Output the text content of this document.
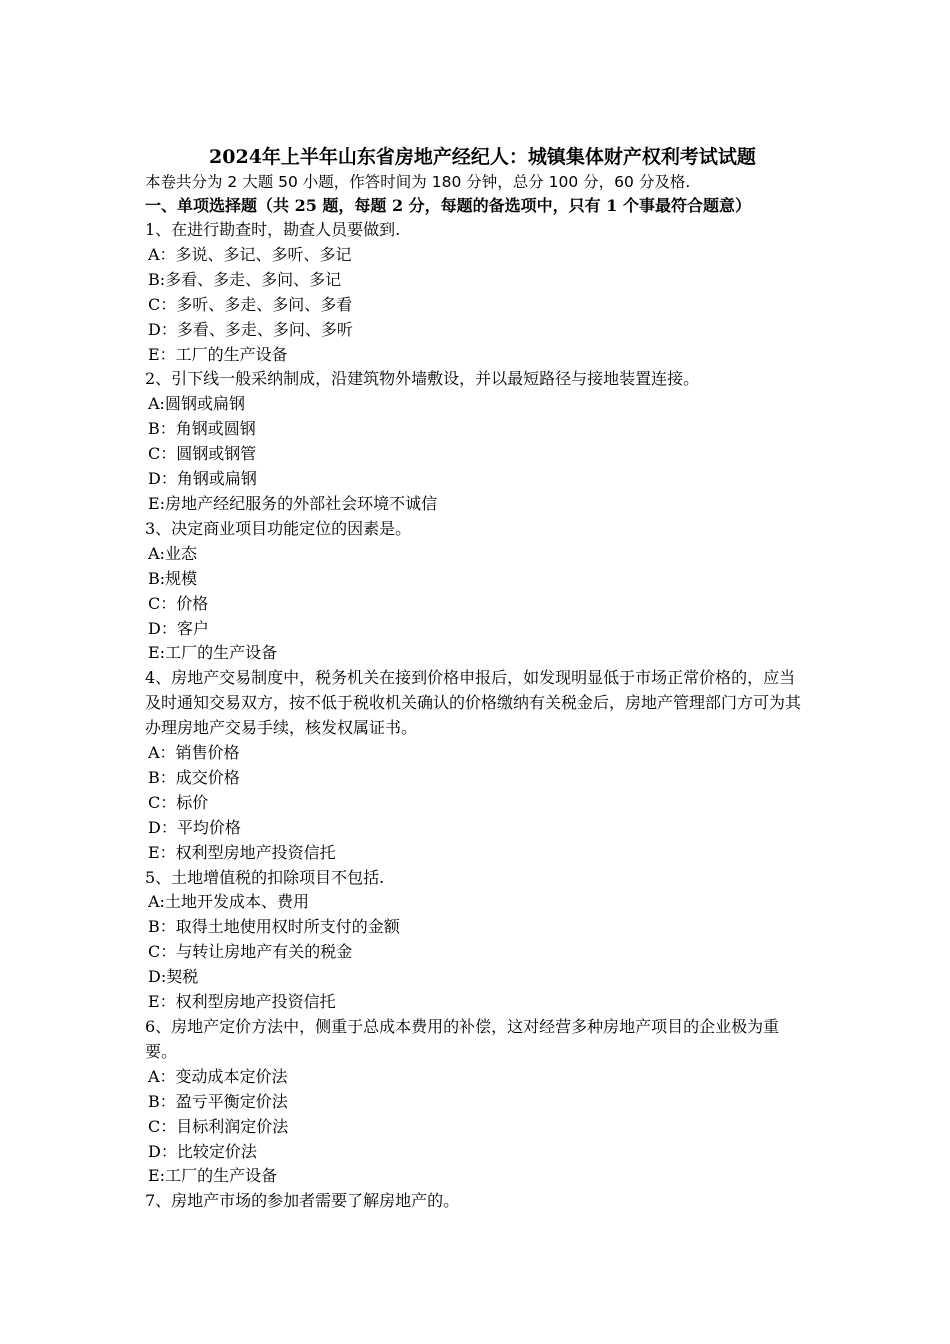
2024年上半年山东省房地产经纪人：城镇集体财产权利考试试题
本卷共分为 2 大题 50 小题，作答时间为 180 分钟，总分 100 分，60 分及格.
一、单项选择题（共 25 题，每题 2 分，每题的备选项中，只有 1 个事最符合题意）
1、在进行勘查时，勘查人员要做到.
A：多说、多记、多听、多记
B:多看、多走、多问、多记
C：多听、多走、多问、多看
D：多看、多走、多问、多听
E：工厂的生产设备
2、引下线一般采纳制成，沿建筑物外墙敷设，并以最短路径与接地装置连接。
A:圆钢或扁钢
B：角钢或圆钢
C：圆钢或钢管
D：角钢或扁钢
E:房地产经纪服务的外部社会环境不诚信
3、决定商业项目功能定位的因素是。
A:业态
B:规模
C：价格
D：客户
E:工厂的生产设备
4、房地产交易制度中，税务机关在接到价格申报后，如发现明显低于市场正常价格的，应当及时通知交易双方，按不低于税收机关确认的价格缴纳有关税金后，房地产管理部门方可为其办理房地产交易手续，核发权属证书。
A：销售价格
B：成交价格
C：标价
D：平均价格
E：权利型房地产投资信托
5、土地增值税的扣除项目不包括.
A:土地开发成本、费用
B：取得土地使用权时所支付的金额
C：与转让房地产有关的税金
D:契税
E：权利型房地产投资信托
6、房地产定价方法中，侧重于总成本费用的补偿，这对经营多种房地产项目的企业极为重要。
A：变动成本定价法
B：盈亏平衡定价法
C：目标利润定价法
D：比较定价法
E:工厂的生产设备
7、房地产市场的参加者需要了解房地产的。
